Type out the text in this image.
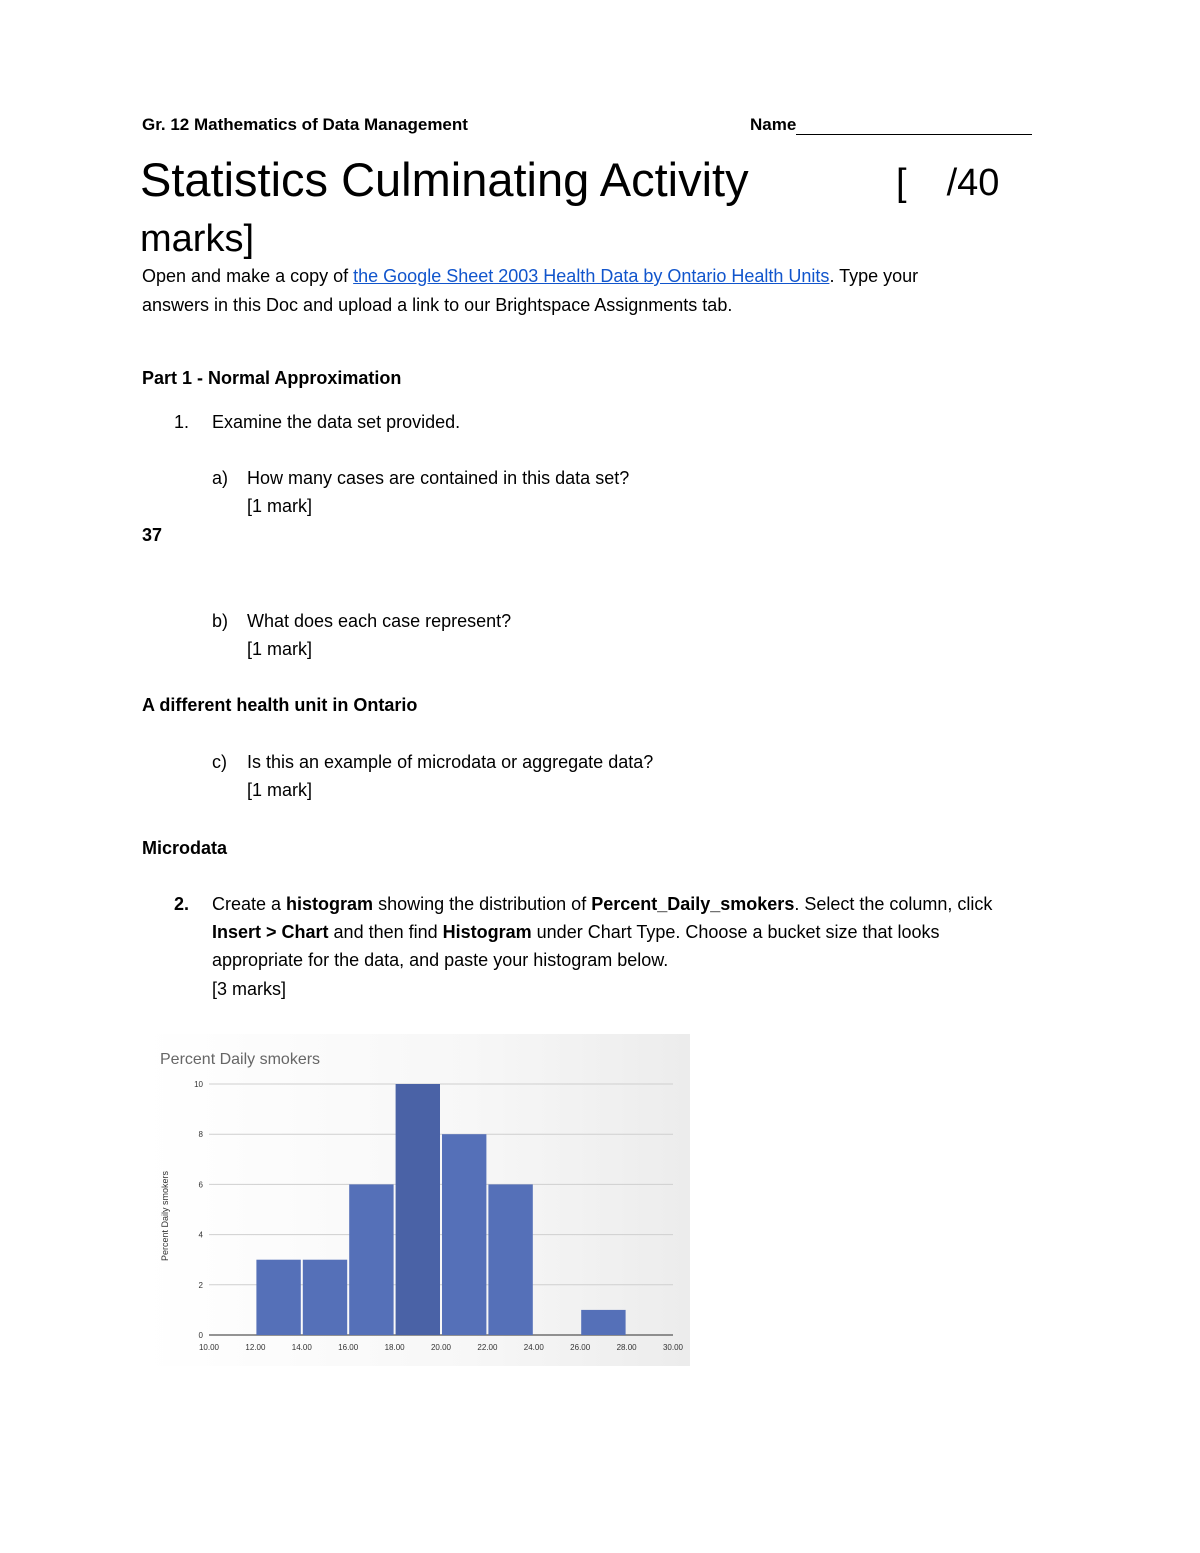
Gr. 12 Mathematics of Data Management	Name
Statistics Culminating Activity	[ /40
marks]
Open and make a copy of the Google Sheet 2003 Health Data by Ontario Health Units. Type your
answers in this Doc and upload a link to our Brightspace Assignments tab.
Part 1 - Normal Approximation
1. Examine the data set provided.
a) How many cases are contained in this data set?
[1 mark]
37
b) What does each case represent?
[1 mark]
A different health unit in Ontario
c) Is this an example of microdata or aggregate data?
[1 mark]
Microdata
2. Create a histogram showing the distribution of Percent_Daily_smokers. Select the column, click
Insert > Chart and then find Histogram under Chart Type. Choose a bucket size that looks
appropriate for the data, and paste your histogram below.
[3 marks]
Percent Daily smokers
Percent Daily smokers
0
2
4
6
8
10
10.00	12.00	14.00	16.00	18.00	20.00	22.00	24.00	26.00	28.00	30.00
